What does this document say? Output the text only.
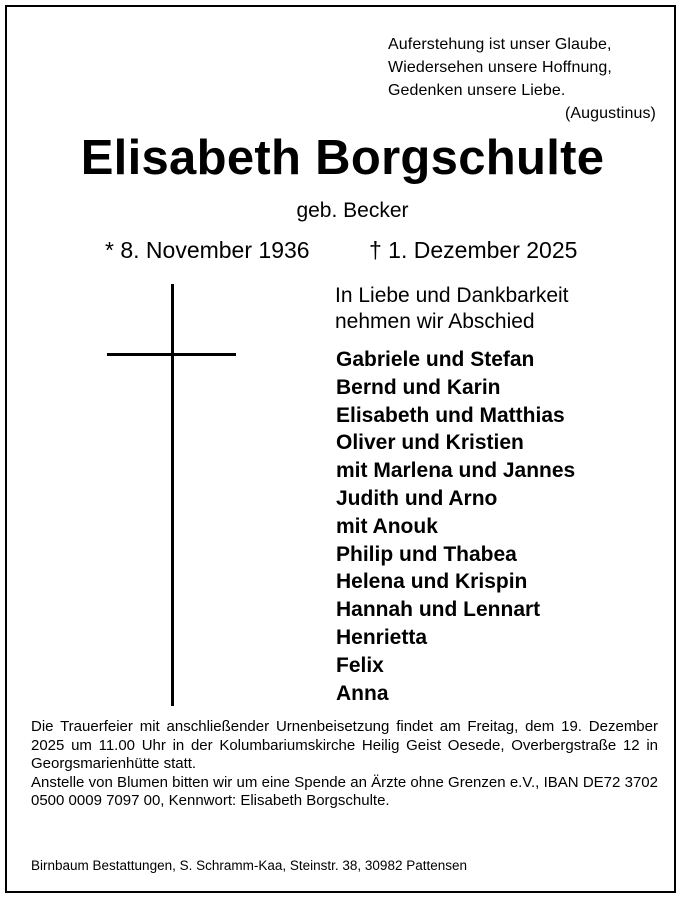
Auferstehung ist unser Glaube,
Wiedersehen unsere Hoffnung,
Gedenken unsere Liebe.
(Augustinus)
Elisabeth Borgschulte
geb. Becker
* 8. November 1936	† 1. Dezember 2025
In Liebe und Dankbarkeit
nehmen wir Abschied
Gabriele und Stefan
Bernd und Karin
Elisabeth und Matthias
Oliver und Kristien
mit Marlena und Jannes
Judith und Arno
mit Anouk
Philip und Thabea
Helena und Krispin
Hannah und Lennart
Henrietta
Felix
Anna

Die Trauerfeier mit anschließender Urnenbeisetzung findet am Freitag, dem 19. Dezember 2025 um 11.00 Uhr in der Kolumbariumskirche Heilig Geist Oesede, Overbergstraße 12 in Georgsmarienhütte statt.

Anstelle von Blumen bitten wir um eine Spende an Ärzte ohne Grenzen e.V., IBAN DE72 3702 0500 0009 7097 00, Kennwort: Elisabeth Borgschulte.

Birnbaum Bestattungen, S. Schramm-Kaa, Steinstr. 38, 30982 Pattensen
